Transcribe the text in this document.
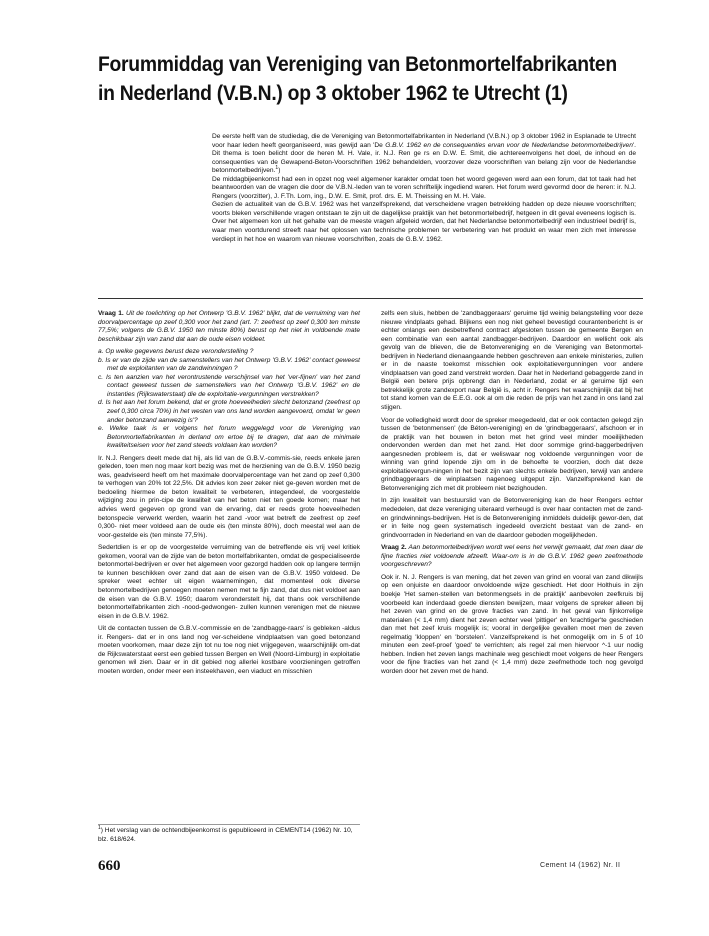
Forummiddag van Vereniging van Betonmortelfabrikanten
in Nederland (V.B.N.) op 3 oktober 1962 te Utrecht (1)

De eerste helft van de studiedag, die de Vereniging van Betonmortelfabrikanten in Nederland (V.B.N.) op 3 oktober 1962 in Esplanade te Utrecht voor haar leden heeft georganiseerd, was gewijd aan 'De G.B.V. 1962 en de consequenties ervan voor de Nederlandse betonmortelbedrijven'. Dit thema is toen belicht door de heren M. H. Vale, ir. N.J. Ren ge rs en D.W. E. Smit, die achtereenvolgens het doel, de inhoud en de consequenties van de Gewapend-Beton-Voorschriften 1962 behandelden, voorzover deze voorschriften van belang zijn voor de Nederlandse betonmortelbedrijven.$^1$)

De middagbijeenkomst had een in opzet nog veel algemener karakter omdat toen het woord gegeven werd aan een forum, dat tot taak had het beantwoorden van de vragen die door de V.B.N.-leden van te voren schriftelijk ingediend waren. Het forum werd gevormd door de heren: ir. N.J. Rengers (voorzitter), J. F.Th. Lorn, ing., D.W. E. Smit, prof. drs. E. M. Theissing en M. H. Vale.

Gezien de actualiteit van de G.B.V. 1962 was het vanzelfsprekend, dat verscheidene vragen betrekking hadden op deze nieuwe voorschriften; voorts bleken verschillende vragen ontstaan te zijn uit de dagelijkse praktijk van het betonmortelbedrijf, hetgeen in dit geval eveneens logisch is. Over het algemeen kon uit het gehalte van de meeste vragen afgeleid worden, dat het Nederlandse betonmortelbedrijf een industrieel bedrijf is, waar men voortdurend streeft naar het oplossen van technische problemen ter verbetering van het produkt en waar men zich met interesse verdiept in het hoe en waarom van nieuwe voorschriften, zoals de G.B.V. 1962.

Vraag 1. Uit de toelichting op het Ontwerp 'G.B.V. 1962' blijkt, dat de verruiming van het doorvalpercentage op zeef 0,300 voor het zand (art. 7: zeefrest op zeef 0,300 ten minste 77,5%; volgens de G.B.V. 1950 ten minste 80%) berust op het niet in voldoende mate beschikbaar zijn van zand dat aan de oude eisen voldeet.

a. Op welke gegevens berust deze veronderstelling ?
b. Is er van de zijde van de samenstellers van het Ontwerp 'G.B.V. 1962' contact geweest met de exploitanten van de zandwinningen ?
c. Is ten aanzien van het verontrustende verschijnsel van het 'ver-fijnen' van het zand contact geweest tussen de samenstellers van het Ontwerp 'G.B.V. 1962' en de instanties (Rijkswaterstaat) die de exploitatie-vergunningen verstrekken?
d. Is het aan het forum bekend, dat er grote hoeveelheden slecht betonzand (zeefrest op zeef 0,300 circa 70%) in het westen van ons land worden aangevoerd, omdat 'er geen ander betonzand aanwezig is'?
e. Welke taak is er volgens het forum weggelegd voor de Vereniging van Betonmortelfabrikanten in derland om ertoe bij te dragen, dat aan de minimale kwaliteitseisen voor het zand steeds voldaan kan worden?

Ir. N.J. Rengers deelt mede dat hij, als lid van de G.B.V.-commis-sie, reeds enkele jaren geleden, toen men nog maar kort bezig was met de herziening van de G.B.V. 1950 bezig was, geadviseerd heeft om het maximale doorvalpercentage van het zand op zeef 0,300 te verhogen van 20% tot 22,5%. Dit advies kon zeer zeker niet ge-geven worden met de bedoeling hiermee de beton kwaliteit te verbeteren, integendeel, de voorgestelde wijziging zou in prin-cipe de kwaliteit van het beton niet ten goede komen; maar het advies werd gegeven op grond van de ervaring, dat er reeds grote hoeveelheden betonspecie verwerkt werden, waarin het zand -voor wat betreft de zeefrest op zeef 0,300- niet meer voldeed aan de oude eis (ten minste 80%), doch meestal wel aan de voor-gestelde eis (ten minste 77,5%).

Sedertdien is er op de voorgestelde verruiming van de betreffende eis vrij veel kritiek gekomen, vooral van de zijde van de beton mortelfabrikanten, omdat de gespecialiseerde betonmortel-bedrijven er over het algemeen voor gezorgd hadden ook op langere termijn te kunnen beschikken over zand dat aan de eisen van de G.B.V. 1950 voldeed. De spreker weet echter uit eigen waarnemingen, dat momenteel ook diverse betonmortelbedrijven genoegen moeten nemen met te fijn zand, dat dus niet voldoet aan de eisen van de G.B.V. 1950; daarom veronderstelt hij, dat thans ook verschillende betonmortelfabrikanten zich -nood-gedwongen- zullen kunnen verenigen met de nieuwe eisen in de G.B.V. 1962.

Uit de contacten tussen de G.B.V.-commissie en de 'zandbagge-raars' is gebleken -aldus ir. Rengers- dat er in ons land nog ver-scheidene vindplaatsen van goed betonzand moeten voorkomen, maar deze zijn tot nu toe nog niet vrijgegeven, waarschijnlijk om-dat de Rijkswaterstaat eerst een gebied tussen Bergen en Well (Noord-Limburg) in exploitatie genomen wil zien. Daar er in dit gebied nog allerlei kostbare voorzieningen getroffen moeten worden, onder meer een insteekhaven, een viaduct en misschien

zelfs een sluis, hebben de 'zandbaggeraars' geruime tijd weinig belangstelling voor deze nieuwe vindplaats gehad. Blijkens een nog niet geheel bevestigd courantenbericht is er echter onlangs een desbetreffend contract afgesloten tussen de gemeente Bergen en een combinatie van een aantal zandbagger-bedrijven. Daardoor en wellicht ook als gevolg van de blieven, die de Betonvereniging en de Vereniging van Betonmortel-bedrijven in Nederland dienaangaande hebben geschreven aan enkele ministeries, zullen er in de naaste toekomst misschien ook exploitatievergunningen voor andere vindplaatsen van goed zand verstrekt worden. Daar het in Nederland gebaggerde zand in België een betere prijs opbrengt dan in Nederland, zodat er al geruime tijd een betrekkelijk grote zandexport naar België is, acht ir. Rengers het waarschijnlijk dat bij het tot stand komen van de E.E.G. ook al om die reden de prijs van het zand in ons land zal stijgen.

Voor de volledigheid wordt door de spreker meegedeeld, dat er ook contacten gelegd zijn tussen de 'betonmensen' (de Béton-vereniging) en de 'grindbaggeraars', afschoon er in de praktijk van het bouwen in beton met het grind veel minder moeilijkheden ondervonden werden dan met het zand. Het door sommige grind-baggerbedrijven aangesneden probleem is, dat er weliswaar nog voldoende vergunningen voor de winning van grind lopende zijn om in de behoefte te voorzien, doch dat deze exploitatievergun-ningen in het bezit zijn van slechts enkele bedrijven, terwijl van andere grindbaggeraars de winplaatsen nagenoeg uitgeput zijn. Vanzelfsprekend kan de Betonvereniging zich met dit probleem niet bezighouden.

In zijn kwaliteit van bestuurslid van de Betonvereniging kan de heer Rengers echter mededelen, dat deze vereniging uiteraard verheugd is over haar contacten met de zand- en grindwinnings-bedrijven. Het is de Betonvereniging inmiddels duidelijk gewor-den, dat er in feite nog geen systematisch ingedeeld overzicht bestaat van de zand- en grindvoorraden in Nederland en van de daardoor geboden mogelijkheden.

Vraag 2. Aan betonmortelbedrijven wordt wel eens het verwijt gemaakt, dat men daar de fijne fracties niet voldoende afzeeft. Waar-om is in de G.B.V. 1962 geen zeefmethode voorgeschreven?

Ook ir. N. J. Rengers is van mening, dat het zeven van grind en vooral van zand dikwijls op een onjuiste en daardoor onvoldoende wijze geschiedt. Het door Holthuis in zijn boekje 'Het samen-stellen van betonmengsels in de praktijk' aanbevolen zeefkruis bij voorbeeld kan inderdaad goede diensten bewijzen, maar volgens de spreker alleen bij het zeven van grind en de grove fracties van zand. In het geval van fijnkorrelige materialen (< 1,4 mm) dient het zeven echter veel 'pittiger' en 'krachtiger'te geschieden dan met het zeef kruis mogelijk is; vooral in dergelijke gevallen moet men de zeven regelmatig 'kloppen' en 'borstelen'. Vanzelfsprekend is het onmogelijk om in 5 of 10 minuten een zeef-proef 'goed' te verrichten; als regel zal men hiervoor ^-1 uur nodig hebben. Indien het zeven langs machinale weg geschiedt moet volgens de heer Rengers voor de fijne fracties van het zand (< 1,4 mm) deze zeefmethode toch nog gevolgd worden door het zeven met de hand.

$^1$) Het verslag van de ochtendbijeenkomst is gepubliceerd in CEMENT14 (1962) Nr. 10, blz. 618/624.
660	Cement I4 (1962) Nr. II
